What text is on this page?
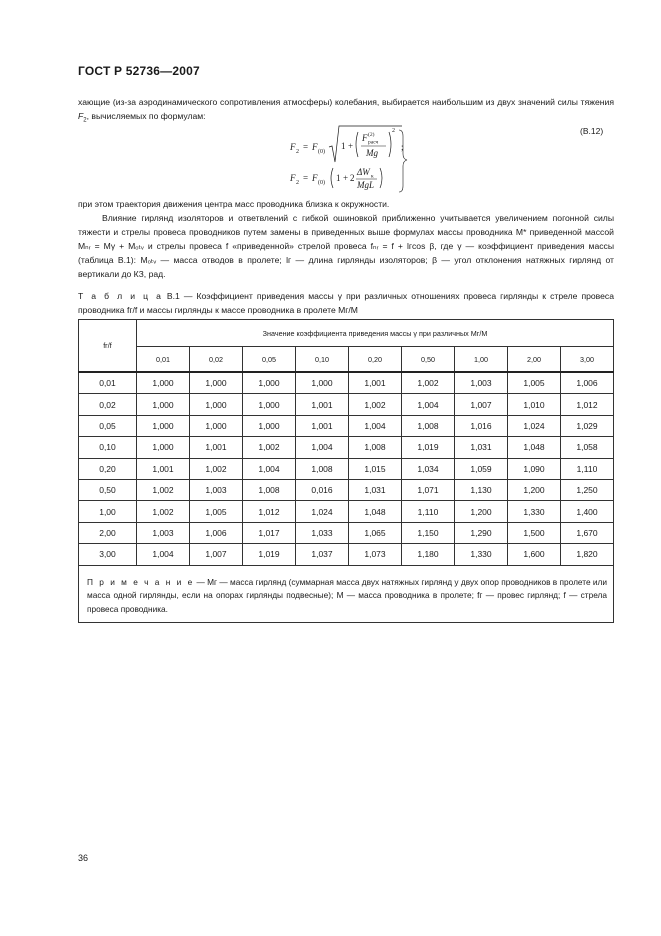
ГОСТ Р 52736—2007
хающие (из-за аэродинамического сопротивления атмосферы) колебания, выбирается наибольшим из двух значений силы тяжения $F_2$, вычисляемых по формулам:
(B.12)
F 2 = F (0)
1 +
F (2)
расч
Mg
2
;
F 2 = F (0) 1 + 2
ΔW к
MgL
при этом траектория движения центра масс проводника близка к окружности.
Влияние гирлянд изоляторов и ответвлений с гибкой ошиновкой приближенно учитывается увеличением погонной силы тяжести и стрелы провеса проводников путем замены в приведенных выше формулах массы проводника M* приведенной массой Mₙᵣ = Mγ + Mₒₜᵥ и стрелы провеса f «приведенной» стрелой провеса fₙᵣ = f + lгcos β, где γ — коэффициент приведения массы (таблица B.1): Mₒₜᵥ — масса отводов в пролете; lг — длина гирлянды изоляторов; β — угол отклонения натяжных гирлянд от вертикали до КЗ, рад.
Т а б л и ц а B.1 — Коэффициент приведения массы γ при различных отношениях провеса гирлянды к стреле провеса проводника fг/f и массы гирлянды к массе проводника в пролете Mг/M
fг/f	Значение коэффициента приведения массы γ при различных Mг/M								
	0,01	0,02	0,05	0,10	0,20	0,50	1,00	2,00	3,00
0,01	1,000	1,000	1,000	1,000	1,001	1,002	1,003	1,005	1,006
0,02	1,000	1,000	1,000	1,001	1,002	1,004	1,007	1,010	1,012
0,05	1,000	1,000	1,000	1,001	1,004	1,008	1,016	1,024	1,029
0,10	1,000	1,001	1,002	1,004	1,008	1,019	1,031	1,048	1,058
0,20	1,001	1,002	1,004	1,008	1,015	1,034	1,059	1,090	1,110
0,50	1,002	1,003	1,008	0,016	1,031	1,071	1,130	1,200	1,250
1,00	1,002	1,005	1,012	1,024	1,048	1,110	1,200	1,330	1,400
2,00	1,003	1,006	1,017	1,033	1,065	1,150	1,290	1,500	1,670
3,00	1,004	1,007	1,019	1,037	1,073	1,180	1,330	1,600	1,820
П р и м е ч а н и е — Mг — масса гирлянд (суммарная масса двух натяжных гирлянд у двух опор проводников в пролете или масса одной гирлянды, если на опорах гирлянды подвесные); M — масса проводника в пролете; fг — провес гирлянд; f — стрела провеса проводника.									
36
